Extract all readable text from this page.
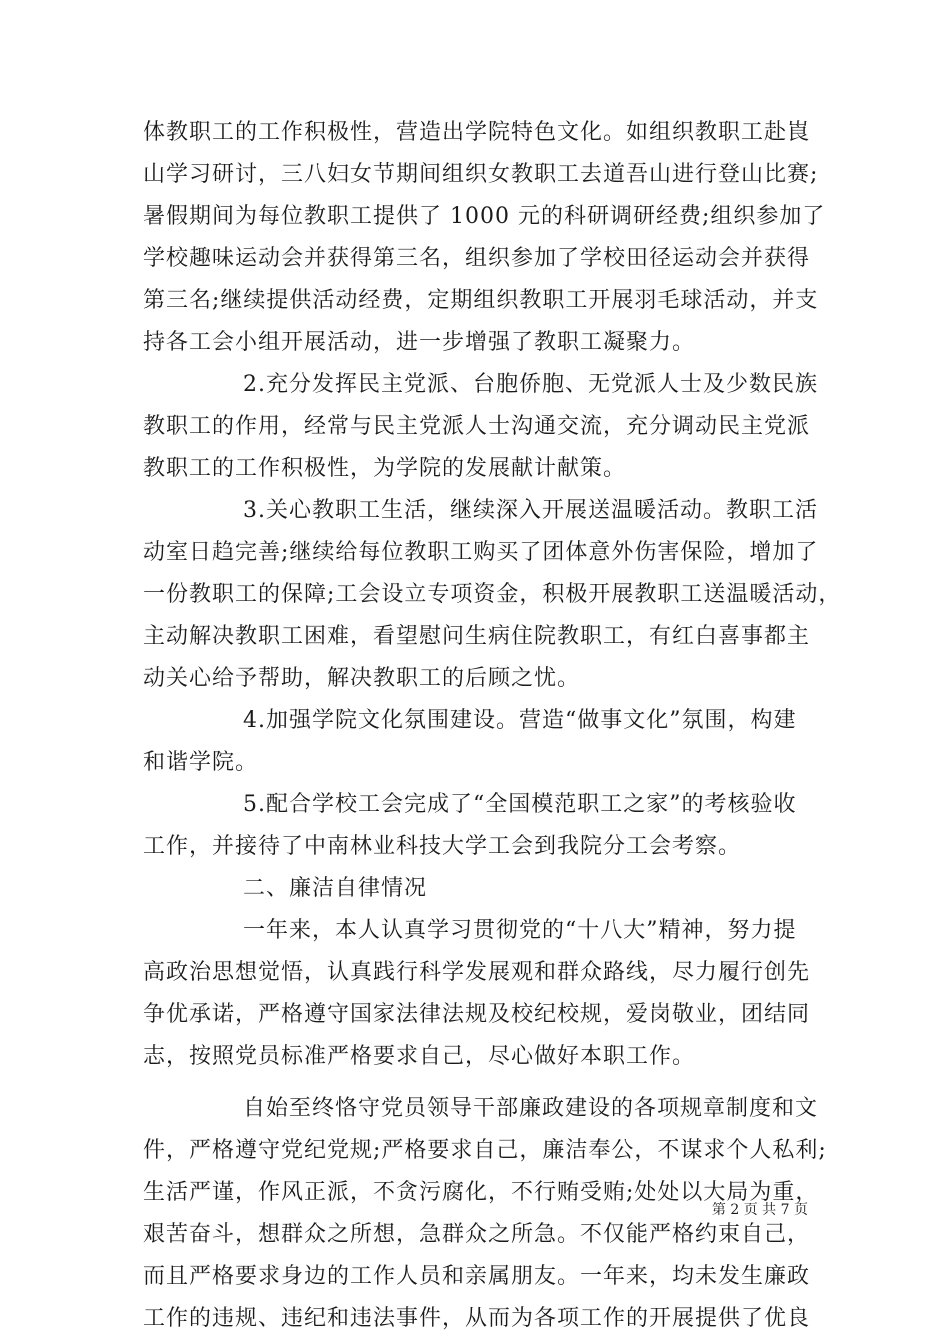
体教职工的工作积极性，营造出学院特色文化。如组织教职工赴崀
山学习研讨，三八妇女节期间组织女教职工去道吾山进行登山比赛;
暑假期间为每位教职工提供了 1000 元的科研调研经费;组织参加了
学校趣味运动会并获得第三名，组织参加了学校田径运动会并获得
第三名;继续提供活动经费，定期组织教职工开展羽毛球活动，并支
持各工会小组开展活动，进一步增强了教职工凝聚力。
2.充分发挥民主党派、台胞侨胞、无党派人士及少数民族
教职工的作用，经常与民主党派人士沟通交流，充分调动民主党派
教职工的工作积极性，为学院的发展献计献策。
3.关心教职工生活，继续深入开展送温暖活动。教职工活
动室日趋完善;继续给每位教职工购买了团体意外伤害保险，增加了
一份教职工的保障;工会设立专项资金，积极开展教职工送温暖活动，
主动解决教职工困难，看望慰问生病住院教职工，有红白喜事都主
动关心给予帮助，解决教职工的后顾之忧。
4.加强学院文化氛围建设。营造“做事文化”氛围，构建
和谐学院。
5.配合学校工会完成了“全国模范职工之家”的考核验收
工作，并接待了中南林业科技大学工会到我院分工会考察。
二、廉洁自律情况
一年来，本人认真学习贯彻党的“十八大”精神，努力提
高政治思想觉悟，认真践行科学发展观和群众路线，尽力履行创先
争优承诺，严格遵守国家法律法规及校纪校规，爱岗敬业，团结同
志，按照党员标准严格要求自己，尽心做好本职工作。
自始至终恪守党员领导干部廉政建设的各项规章制度和文
件，严格遵守党纪党规;严格要求自己，廉洁奉公，不谋求个人私利;
生活严谨，作风正派，不贪污腐化，不行贿受贿;处处以大局为重，
艰苦奋斗，想群众之所想，急群众之所急。不仅能严格约束自己，
而且严格要求身边的工作人员和亲属朋友。一年来，均未发生廉政
工作的违规、违纪和违法事件，从而为各项工作的开展提供了优良
第 2 页 共 7 页
